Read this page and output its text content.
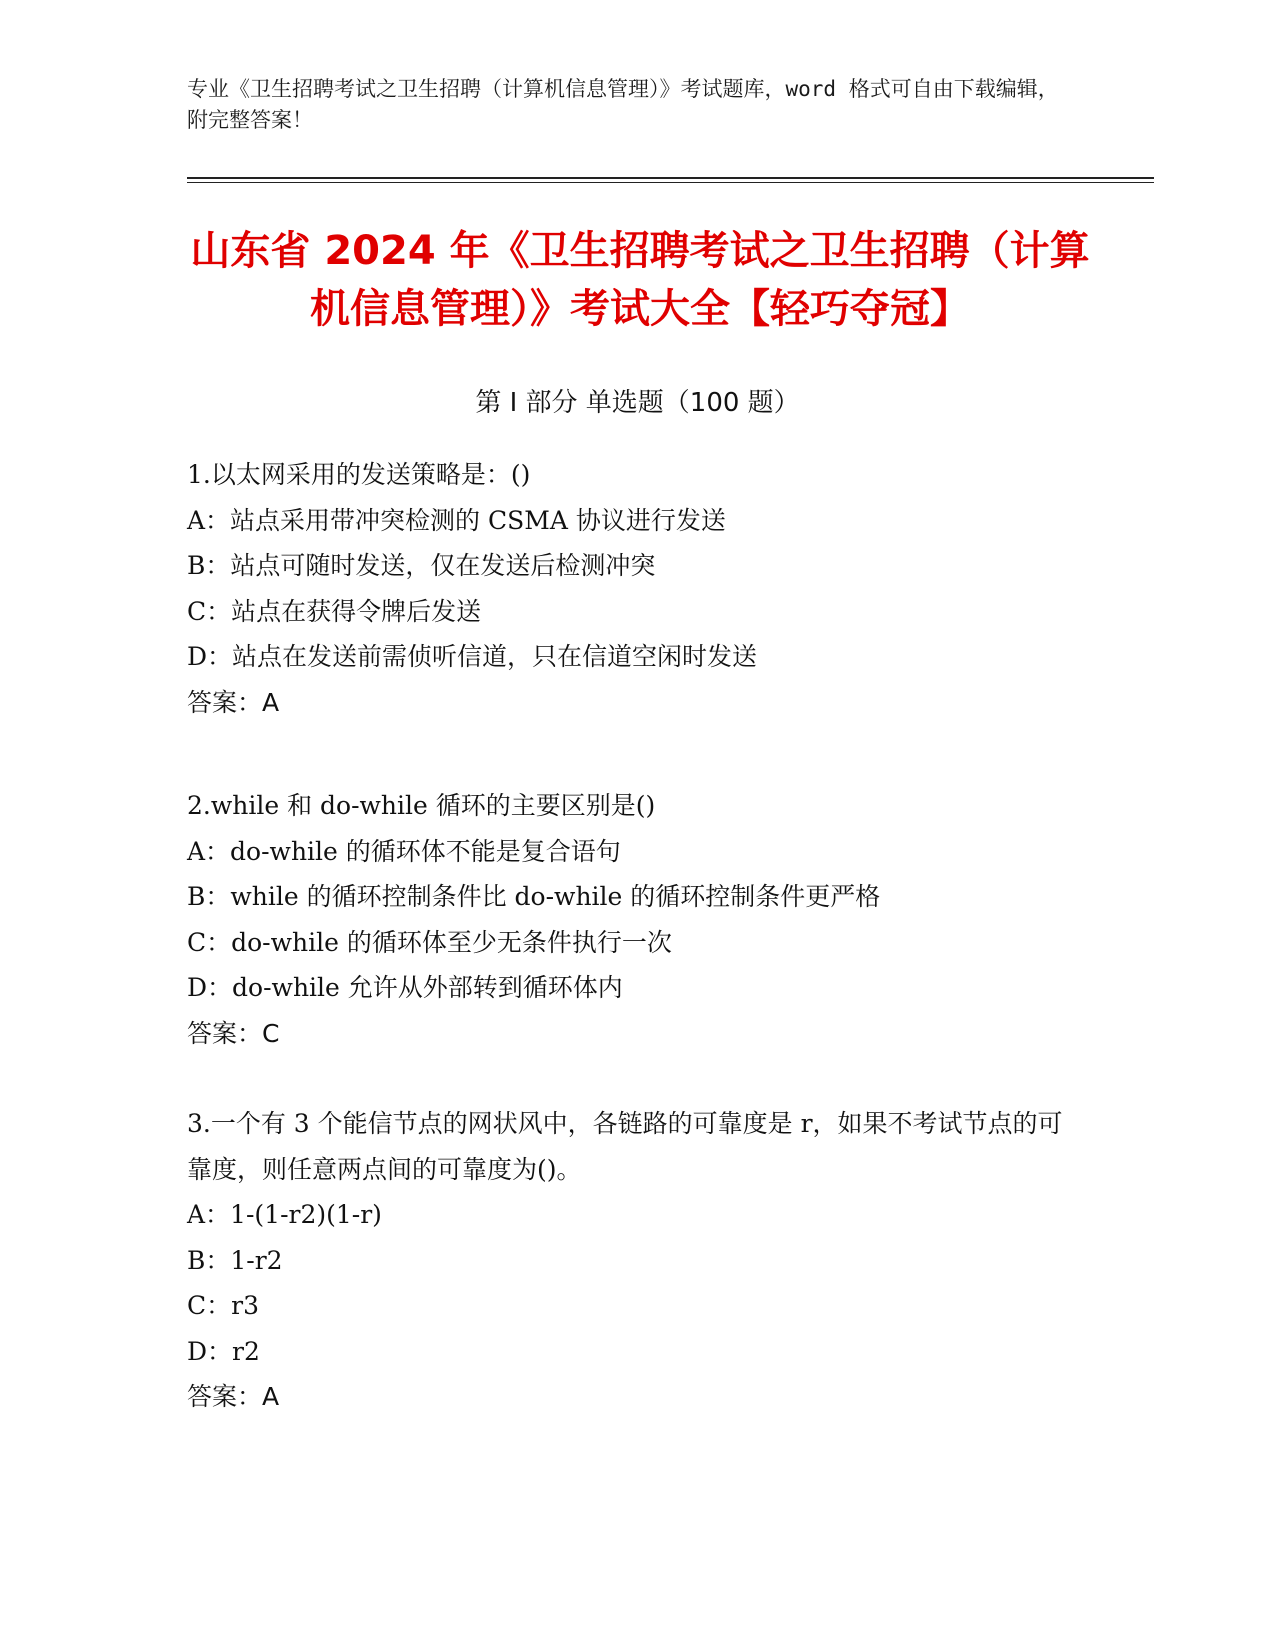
专业《卫生招聘考试之卫生招聘（计算机信息管理）》考试题库，word 格式可自由下载编辑，附完整答案！
山东省 2024 年《卫生招聘考试之卫生招聘（计算机信息管理）》考试大全【轻巧夺冠】
第 I 部分 单选题（100 题）
1.以太网采用的发送策略是：()
A：站点采用带冲突检测的 CSMA 协议进行发送
B：站点可随时发送，仅在发送后检测冲突
C：站点在获得令牌后发送
D：站点在发送前需侦听信道，只在信道空闲时发送
答案：A
2.while 和 do-while 循环的主要区别是()
A：do-while 的循环体不能是复合语句
B：while 的循环控制条件比 do-while 的循环控制条件更严格
C：do-while 的循环体至少无条件执行一次
D：do-while 允许从外部转到循环体内
答案：C
3.一个有 3 个能信节点的网状风中，各链路的可靠度是 r，如果不考试节点的可靠度，则任意两点间的可靠度为()。
A：1-(1-r2)(1-r)
B：1-r2
C：r3
D：r2
答案：A
